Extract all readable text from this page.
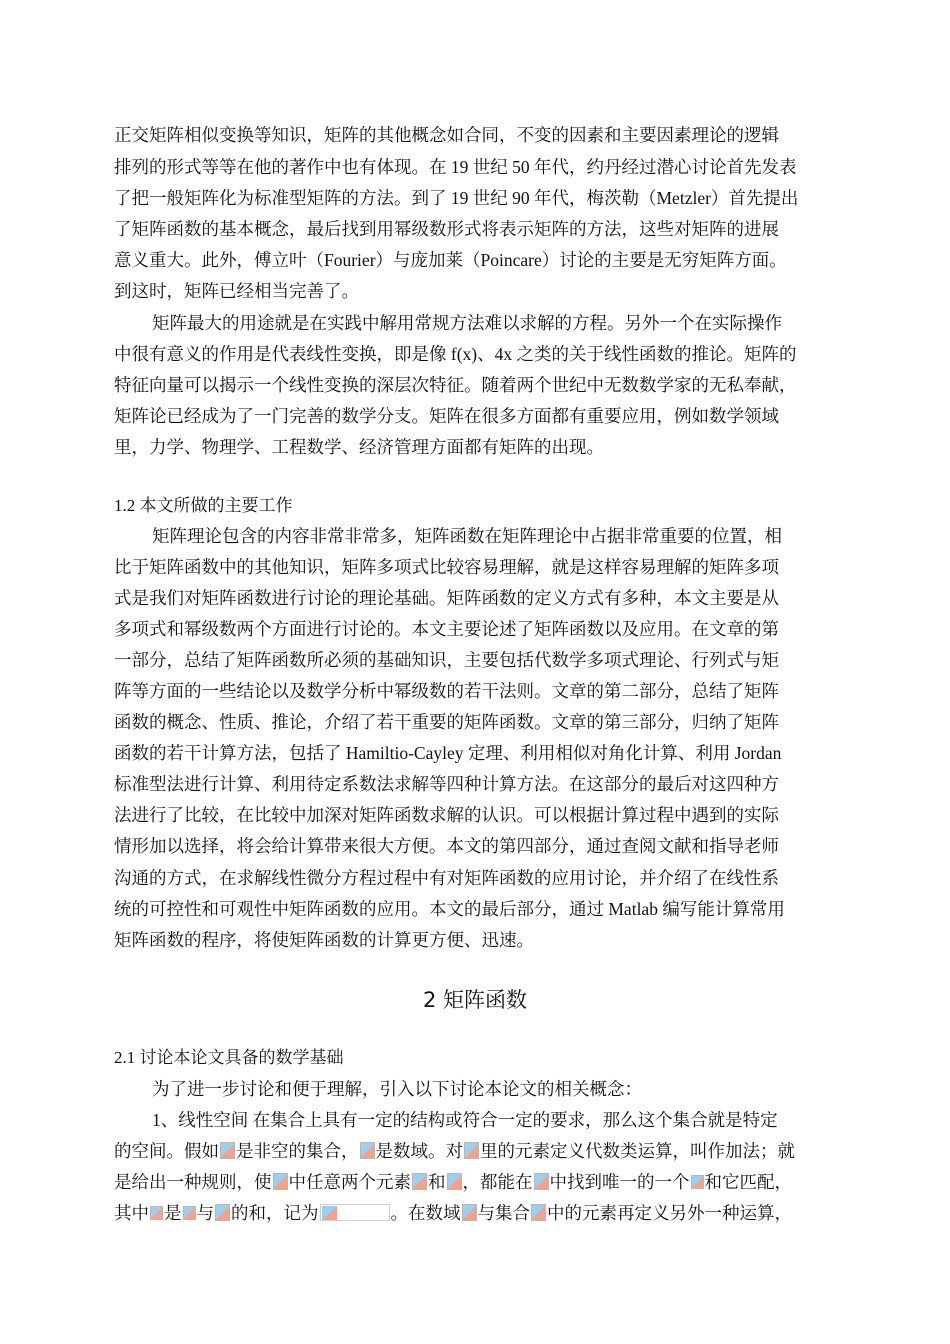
正交矩阵相似变换等知识，矩阵的其他概念如合同，不变的因素和主要因素理论的逻辑
排列的形式等等在他的著作中也有体现。在 19 世纪 50 年代，约丹经过潜心讨论首先发表
了把一般矩阵化为标准型矩阵的方法。到了 19 世纪 90 年代，梅茨勒（Metzler）首先提出
了矩阵函数的基本概念，最后找到用幂级数形式将表示矩阵的方法，这些对矩阵的进展
意义重大。此外，傅立叶（Fourier）与庞加莱（Poincare）讨论的主要是无穷矩阵方面。
到这时，矩阵已经相当完善了。
矩阵最大的用途就是在实践中解用常规方法难以求解的方程。另外一个在实际操作
中很有意义的作用是代表线性变换，即是像 f(x)、4x 之类的关于线性函数的推论。矩阵的
特征向量可以揭示一个线性变换的深层次特征。随着两个世纪中无数数学家的无私奉献，
矩阵论已经成为了一门完善的数学分支。矩阵在很多方面都有重要应用，例如数学领域
里，力学、物理学、工程数学、经济管理方面都有矩阵的出现。
1.2 本文所做的主要工作
矩阵理论包含的内容非常非常多，矩阵函数在矩阵理论中占据非常重要的位置，相
比于矩阵函数中的其他知识，矩阵多项式比较容易理解，就是这样容易理解的矩阵多项
式是我们对矩阵函数进行讨论的理论基础。矩阵函数的定义方式有多种，本文主要是从
多项式和幂级数两个方面进行讨论的。本文主要论述了矩阵函数以及应用。在文章的第
一部分，总结了矩阵函数所必须的基础知识，主要包括代数学多项式理论、行列式与矩
阵等方面的一些结论以及数学分析中幂级数的若干法则。文章的第二部分，总结了矩阵
函数的概念、性质、推论，介绍了若干重要的矩阵函数。文章的第三部分，归纳了矩阵
函数的若干计算方法，包括了 Hamiltio-Cayley 定理、利用相似对角化计算、利用 Jordan
标准型法进行计算、利用待定系数法求解等四种计算方法。在这部分的最后对这四种方
法进行了比较，在比较中加深对矩阵函数求解的认识。可以根据计算过程中遇到的实际
情形加以选择，将会给计算带来很大方便。本文的第四部分，通过查阅文献和指导老师
沟通的方式，在求解线性微分方程过程中有对矩阵函数的应用讨论，并介绍了在线性系
统的可控性和可观性中矩阵函数的应用。本文的最后部分，通过 Matlab 编写能计算常用
矩阵函数的程序，将使矩阵函数的计算更方便、迅速。
2 矩阵函数
2.1 讨论本论文具备的数学基础
为了进一步讨论和便于理解，引入以下讨论本论文的相关概念：
1、线性空间 在集合上具有一定的结构或符合一定的要求，那么这个集合就是特定
的空间。假如 是非空的集合， 是数域。对 里的元素定义代数类运算，叫作加法；就
是给出一种规则，使 中任意两个元素 和 ，都能在 中找到唯一的一个 和它匹配，
其中 是 与 的和，记为	。在数域 与集合 中的元素再定义另外一种运算，
